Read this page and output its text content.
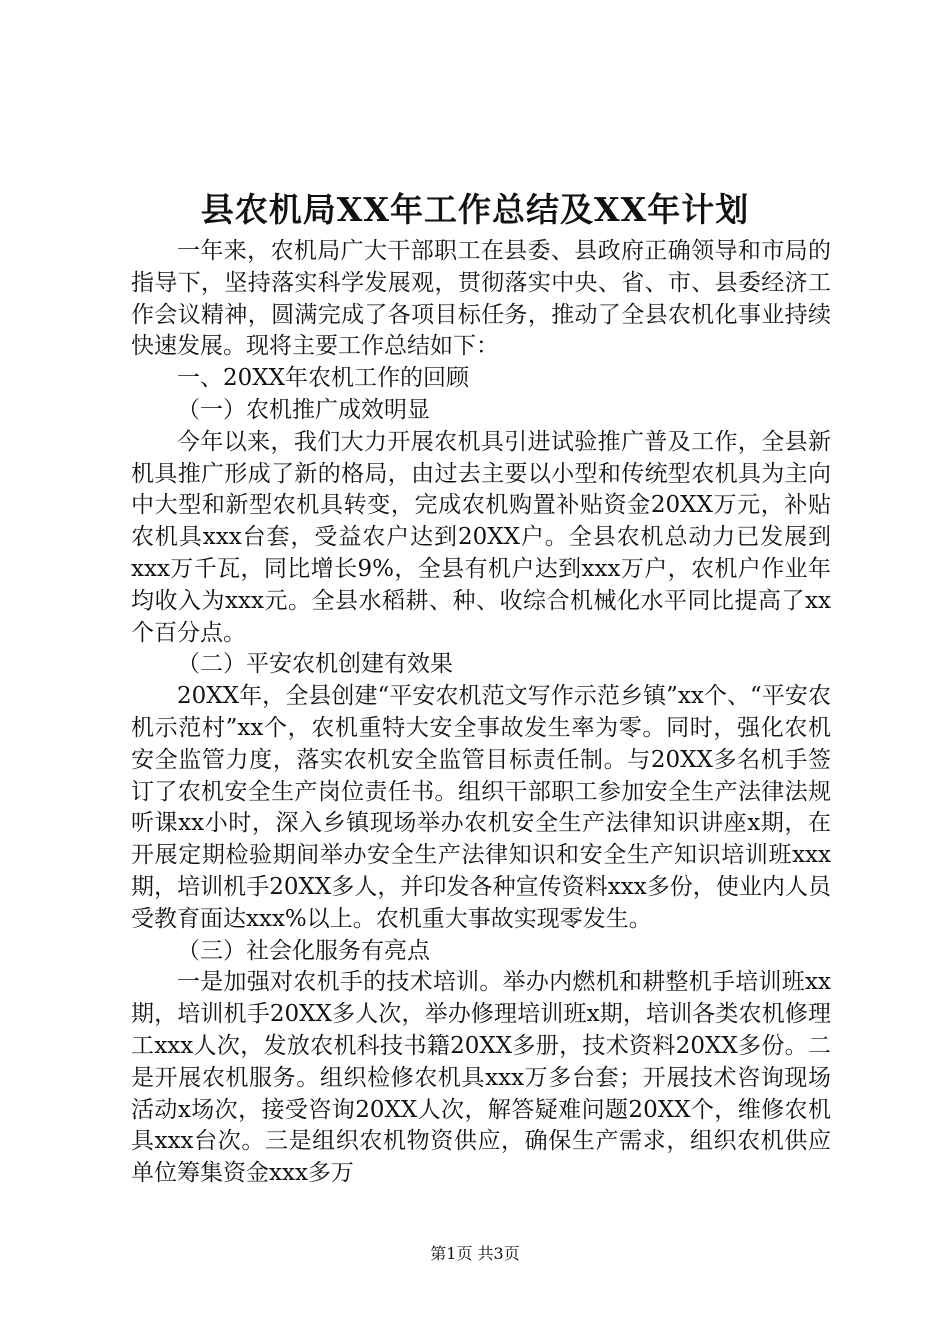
县农机局XX年工作总结及XX年计划

一年来，农机局广大干部职工在县委、县政府正确领导和市局的指导下，坚持落实科学发展观，贯彻落实中央、省、市、县委经济工作会议精神，圆满完成了各项目标任务，推动了全县农机化事业持续快速发展。现将主要工作总结如下：

一、20XX年农机工作的回顾

（一）农机推广成效明显

今年以来，我们大力开展农机具引进试验推广普及工作，全县新机具推广形成了新的格局，由过去主要以小型和传统型农机具为主向中大型和新型农机具转变，完成农机购置补贴资金20XX万元，补贴农机具xxx台套，受益农户达到20XX户。全县农机总动力已发展到xxx万千瓦，同比增长9%，全县有机户达到xxx万户，农机户作业年均收入为xxx元。全县水稻耕、种、收综合机械化水平同比提高了xx个百分点。

（二）平安农机创建有效果

20XX年，全县创建“平安农机范文写作示范乡镇”xx个、“平安农机示范村”xx个，农机重特大安全事故发生率为零。同时，强化农机安全监管力度，落实农机安全监管目标责任制。与20XX多名机手签订了农机安全生产岗位责任书。组织干部职工参加安全生产法律法规听课xx小时，深入乡镇现场举办农机安全生产法律知识讲座x期，在开展定期检验期间举办安全生产法律知识和安全生产知识培训班xxx期，培训机手20XX多人，并印发各种宣传资料xxx多份，使业内人员受教育面达xxx%以上。农机重大事故实现零发生。

（三）社会化服务有亮点

一是加强对农机手的技术培训。举办内燃机和耕整机手培训班xx期，培训机手20XX多人次，举办修理培训班x期，培训各类农机修理工xxx人次，发放农机科技书籍20XX多册，技术资料20XX多份。二是开展农机服务。组织检修农机具xxx万多台套；开展技术咨询现场活动x场次，接受咨询20XX人次，解答疑难问题20XX个，维修农机具xxx台次。三是组织农机物资供应，确保生产需求，组织农机供应单位筹集资金xxx多万

第1页 共3页
